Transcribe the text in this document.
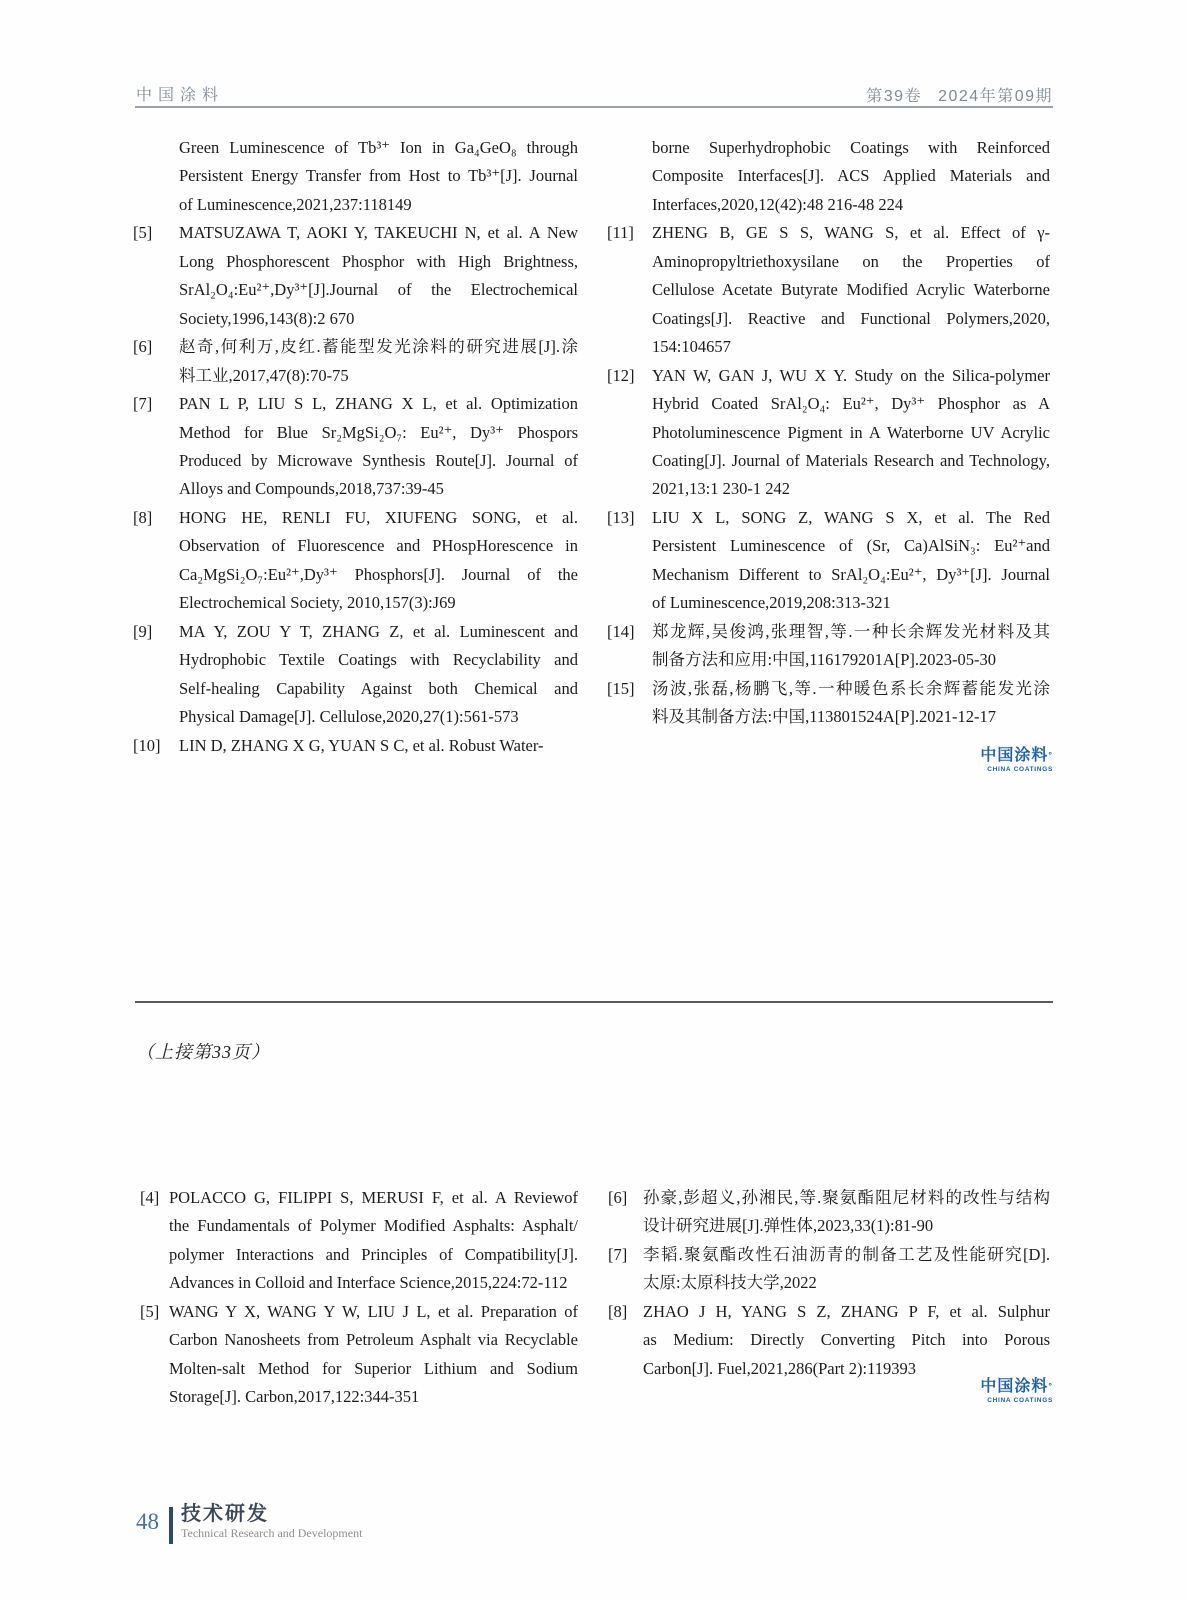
中国涂料	第39卷 2024年第09期
Green Luminescence of Tb³⁺ Ion in Ga₄GeO₈ through
Persistent Energy Transfer from Host to Tb³⁺[J]. Journal
of Luminescence,2021,237:118149
[5]	MATSUZAWA T, AOKI Y, TAKEUCHI N, et al. A New
Long Phosphorescent Phosphor with High Brightness,
SrAl₂O₄:Eu²⁺,Dy³⁺[J].Journal of the Electrochemical
Society,1996,143(8):2 670
[6]	赵奇,何利万,皮红.蓄能型发光涂料的研究进展[J].涂
料工业,2017,47(8):70-75
[7]	PAN L P, LIU S L, ZHANG X L, et al. Optimization
Method for Blue Sr₂MgSi₂O₇: Eu²⁺, Dy³⁺ Phospors
Produced by Microwave Synthesis Route[J]. Journal of
Alloys and Compounds,2018,737:39-45
[8]	HONG HE, RENLI FU, XIUFENG SONG, et al.
Observation of Fluorescence and PHospHorescence in
Ca₂MgSi₂O₇:Eu²⁺,Dy³⁺ Phosphors[J]. Journal of the
Electrochemical Society, 2010,157(3):J69
[9]	MA Y, ZOU Y T, ZHANG Z, et al. Luminescent and
Hydrophobic Textile Coatings with Recyclability and
Self-healing Capability Against both Chemical and
Physical Damage[J]. Cellulose,2020,27(1):561-573
[10]	LIN D, ZHANG X G, YUAN S C, et al. Robust Water-
borne Superhydrophobic Coatings with Reinforced
Composite Interfaces[J]. ACS Applied Materials and
Interfaces,2020,12(42):48 216-48 224
[11]	ZHENG B, GE S S, WANG S, et al. Effect of γ-
Aminopropyltriethoxysilane on the Properties of
Cellulose Acetate Butyrate Modified Acrylic Waterborne
Coatings[J]. Reactive and Functional Polymers,2020,
154:104657
[12]	YAN W, GAN J, WU X Y. Study on the Silica-polymer
Hybrid Coated SrAl₂O₄: Eu²⁺, Dy³⁺ Phosphor as A
Photoluminescence Pigment in A Waterborne UV Acrylic
Coating[J]. Journal of Materials Research and Technology,
2021,13:1 230-1 242
[13]	LIU X L, SONG Z, WANG S X, et al. The Red
Persistent Luminescence of (Sr, Ca)AlSiN₃: Eu²⁺and
Mechanism Different to SrAl₂O₄:Eu²⁺, Dy³⁺[J]. Journal
of Luminescence,2019,208:313-321
[14]	郑龙辉,吴俊鸿,张理智,等.一种长余辉发光材料及其
制备方法和应用:中国,116179201A[P].2023-05-30
[15]	汤波,张磊,杨鹏飞,等.一种暖色系长余辉蓄能发光涂
料及其制备方法:中国,113801524A[P].2021-12-17
中国涂料°
CHINA COATINGS
（上接第33页）
[4] POLACCO G, FILIPPI S, MERUSI F, et al. A Reviewof
the Fundamentals of Polymer Modified Asphalts: Asphalt/
polymer Interactions and Principles of Compatibility[J].
Advances in Colloid and Interface Science,2015,224:72-112
[5] WANG Y X, WANG Y W, LIU J L, et al. Preparation of
Carbon Nanosheets from Petroleum Asphalt via Recyclable
Molten-salt Method for Superior Lithium and Sodium
Storage[J]. Carbon,2017,122:344-351
[6] 孙豪,彭超义,孙湘民,等.聚氨酯阻尼材料的改性与结构
设计研究进展[J].弹性体,2023,33(1):81-90
[7] 李韬.聚氨酯改性石油沥青的制备工艺及性能研究[D].
太原:太原科技大学,2022
[8] ZHAO J H, YANG S Z, ZHANG P F, et al. Sulphur
as Medium: Directly Converting Pitch into Porous
Carbon[J]. Fuel,2021,286(Part 2):119393
中国涂料°
CHINA COATINGS
48 技术研发
Technical Research and Development
